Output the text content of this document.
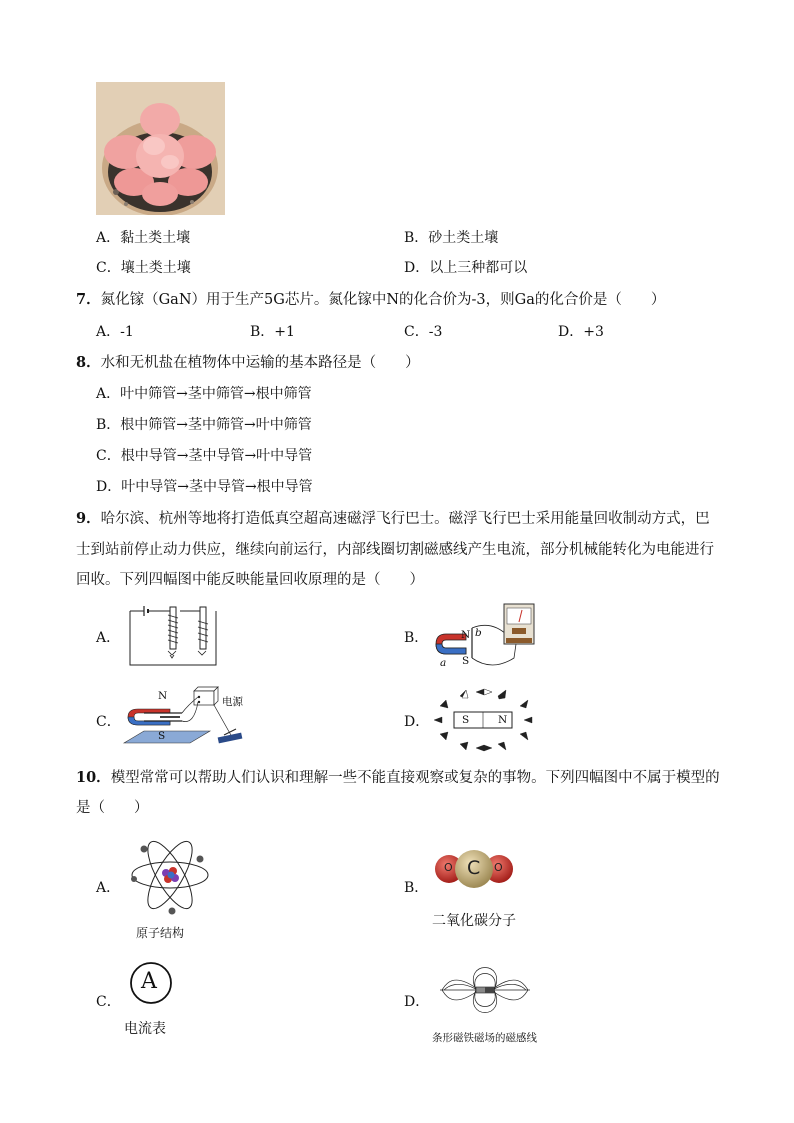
A．黏土类土壤	B．砂土类土壤
C．壤土类土壤	D．以上三种都可以
7．氮化镓（GaN）用于生产5G芯片。氮化镓中N的化合价为-3，则Ga的化合价是（　　）
A．-1	B．+1	C．-3	D．+3
8．水和无机盐在植物体中运输的基本路径是（　　）
A．叶中筛管→茎中筛管→根中筛管
B．根中筛管→茎中筛管→叶中筛管
C．根中导管→茎中导管→叶中导管
D．叶中导管→茎中导管→根中导管
9．哈尔滨、杭州等地将打造低真空超高速磁浮飞行巴士。磁浮飞行巴士采用能量回收制动方式，巴
士到站前停止动力供应，继续向前运行，内部线圈切割磁感线产生电流，部分机械能转化为电能进行
回收。下列四幅图中能反映能量回收原理的是（　　）
A．	B．	N b
a S
C．
N
S
电源
D．	S	N
10．模型常常可以帮助人们认识和理解一些不能直接观察或复杂的事物。下列四幅图中不属于模型的
是（　　）
A．
原子结构
B．
O C O
二氧化碳分子
C．
A
电流表
D．
条形磁铁磁场的磁感线
